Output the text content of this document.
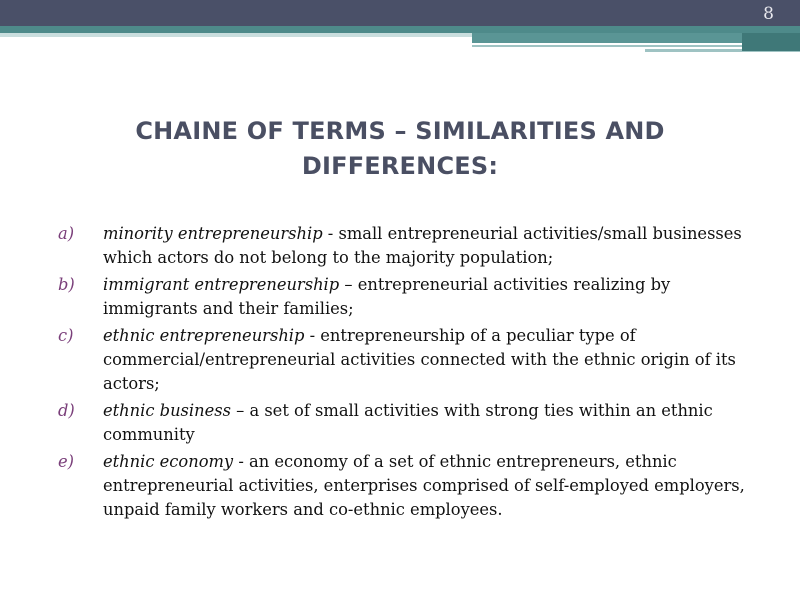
8
CHAINE OF TERMS – SIMILARITIES AND DIFFERENCES:
a) minority entrepreneurship - small entrepreneurial activities/small businesses which actors do not belong to the majority population;
b) immigrant entrepreneurship – entrepreneurial activities realizing by immigrants and their families;
c) ethnic entrepreneurship - entrepreneurship of a peculiar type of commercial/entrepreneurial activities connected with the ethnic origin of its actors;
d) ethnic business – a set of small activities with strong ties within an ethnic community
e) ethnic economy - an economy of a set of ethnic entrepreneurs, ethnic entrepreneurial activities, enterprises comprised of self-employed employers, unpaid family workers and co-ethnic employees.
